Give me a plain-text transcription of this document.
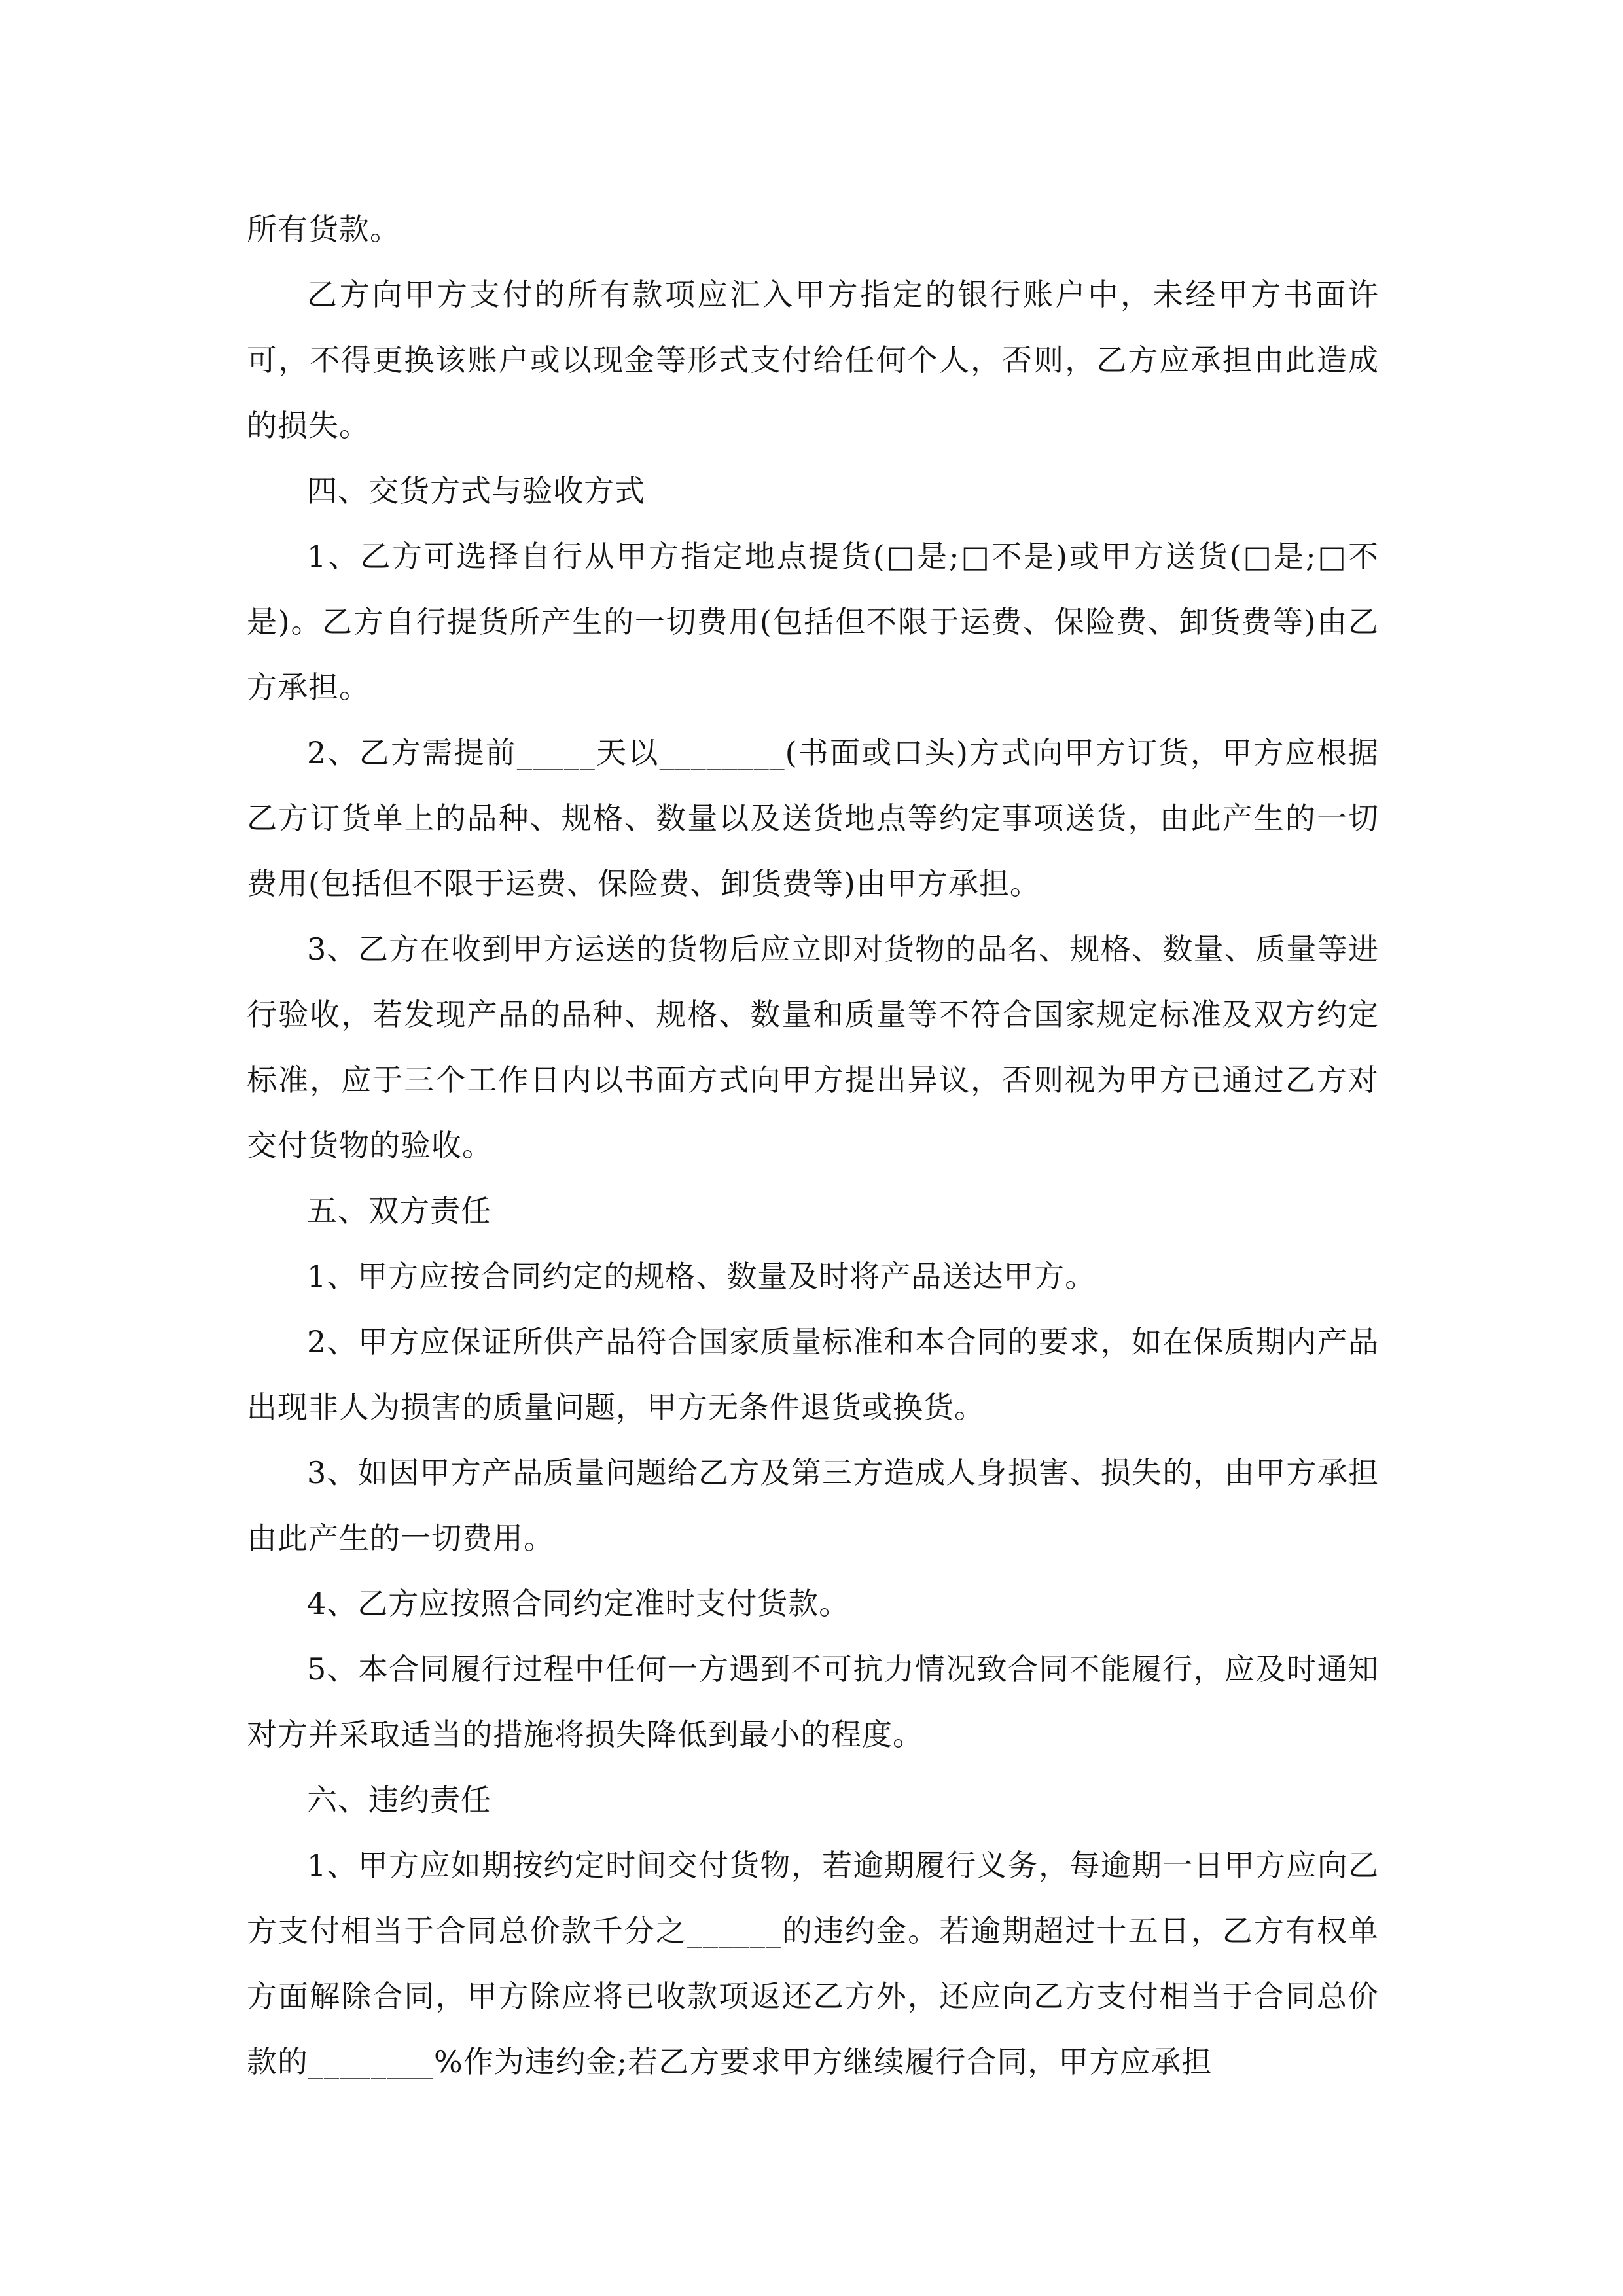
所有货款。

乙方向甲方支付的所有款项应汇入甲方指定的银行账户中，未经甲方书面许可，不得更换该账户或以现金等形式支付给任何个人，否则，乙方应承担由此造成的损失。

四、交货方式与验收方式

1、乙方可选择自行从甲方指定地点提货(□是;□不是)或甲方送货(□是;□不是)。乙方自行提货所产生的一切费用(包括但不限于运费、保险费、卸货费等)由乙方承担。

2、乙方需提前_____天以________(书面或口头)方式向甲方订货，甲方应根据乙方订货单上的品种、规格、数量以及送货地点等约定事项送货，由此产生的一切费用(包括但不限于运费、保险费、卸货费等)由甲方承担。

3、乙方在收到甲方运送的货物后应立即对货物的品名、规格、数量、质量等进行验收，若发现产品的品种、规格、数量和质量等不符合国家规定标准及双方约定标准，应于三个工作日内以书面方式向甲方提出异议，否则视为甲方已通过乙方对交付货物的验收。

五、双方责任

1、甲方应按合同约定的规格、数量及时将产品送达甲方。

2、甲方应保证所供产品符合国家质量标准和本合同的要求，如在保质期内产品出现非人为损害的质量问题，甲方无条件退货或换货。

3、如因甲方产品质量问题给乙方及第三方造成人身损害、损失的，由甲方承担由此产生的一切费用。

4、乙方应按照合同约定准时支付货款。

5、本合同履行过程中任何一方遇到不可抗力情况致合同不能履行，应及时通知对方并采取适当的措施将损失降低到最小的程度。

六、违约责任

1、甲方应如期按约定时间交付货物，若逾期履行义务，每逾期一日甲方应向乙方支付相当于合同总价款千分之______的违约金。若逾期超过十五日，乙方有权单方面解除合同，甲方除应将已收款项返还乙方外，还应向乙方支付相当于合同总价款的________%作为违约金;若乙方要求甲方继续履行合同，甲方应承担
